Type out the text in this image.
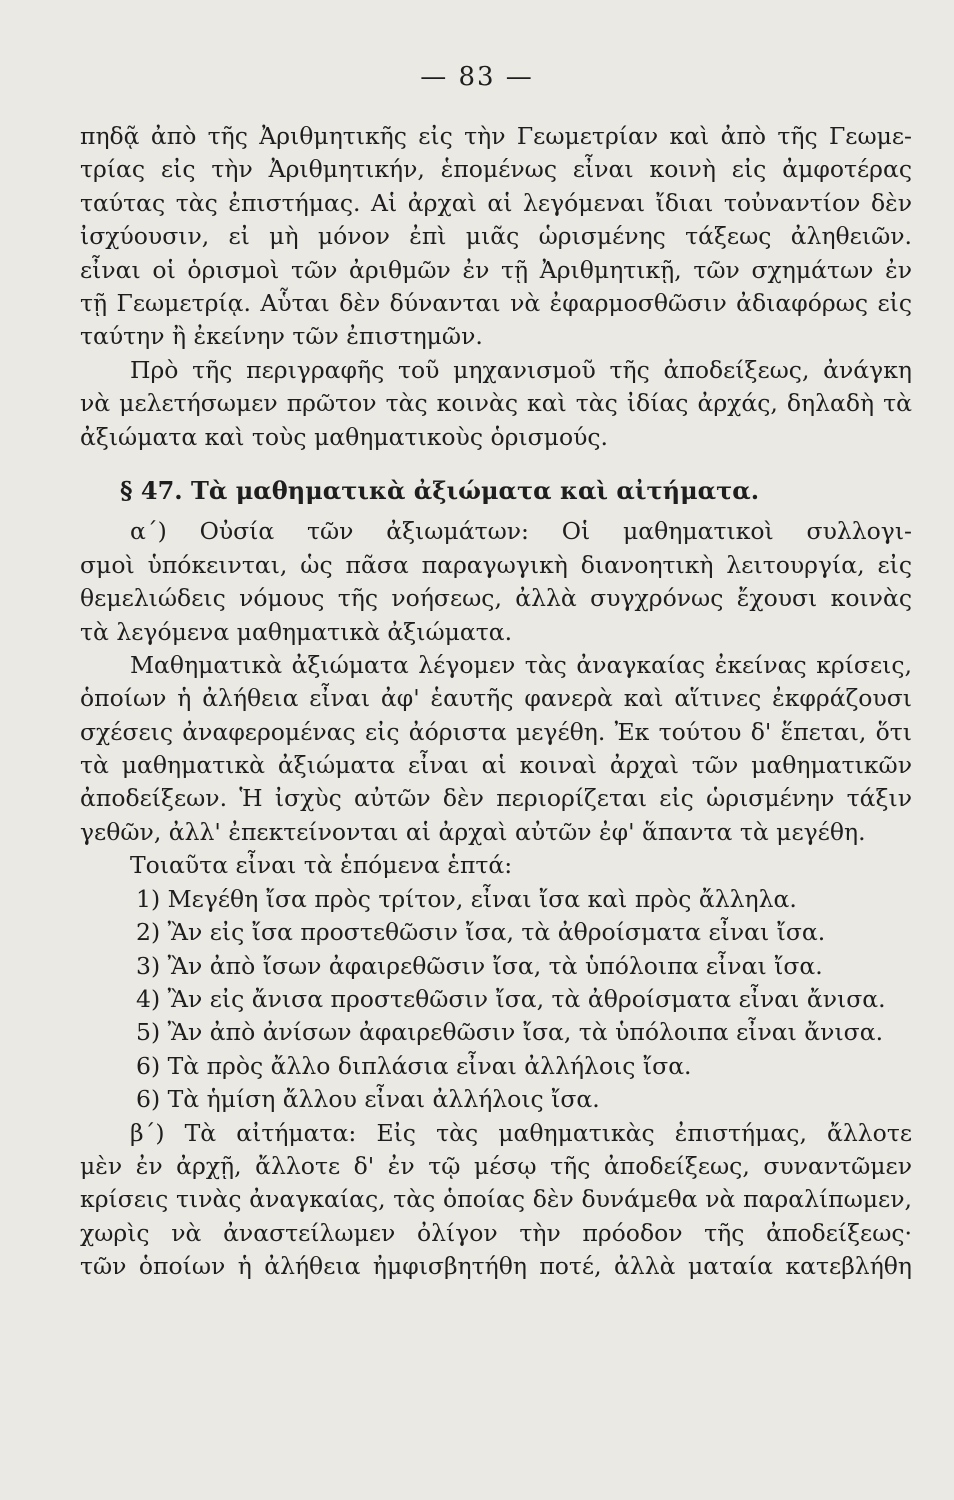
— 83 —
πηδᾷ ἀπὸ τῆς Ἀριθμητικῆς εἰς τὴν Γεωμετρίαν καὶ ἀπὸ τῆς Γεωμε-
τρίας εἰς τὴν Ἀριθμητικήν, ἑπομένως εἶναι κοινὴ εἰς ἀμφοτέρας
ταύτας τὰς ἐπιστήμας. Αἱ ἀρχαὶ αἱ λεγόμεναι ἴδιαι τοὐναντίον δὲν
ἰσχύουσιν, εἰ μὴ μόνον ἐπὶ μιᾶς ὡρισμένης τάξεως ἀληθειῶν.
εἶναι οἱ ὁρισμοὶ τῶν ἀριθμῶν ἐν τῇ Ἀριθμητικῇ, τῶν σχημάτων ἐν
τῇ Γεωμετρίᾳ. Αὗται δὲν δύνανται νὰ ἐφαρμοσθῶσιν ἀδιαφόρως εἰς
ταύτην ἢ ἐκείνην τῶν ἐπιστημῶν.
Πρὸ τῆς περιγραφῆς τοῦ μηχανισμοῦ τῆς ἀποδείξεως, ἀνάγκη
νὰ μελετήσωμεν πρῶτον τὰς κοινὰς καὶ τὰς ἰδίας ἀρχάς, δηλαδὴ τὰ
ἀξιώματα καὶ τοὺς μαθηματικοὺς ὁρισμούς.
§ 47. Τὰ μαθηματικὰ ἀξιώματα καὶ αἰτήματα.
α΄) Οὐσία τῶν ἀξιωμάτων: Οἱ μαθηματικοὶ συλλογι-
σμοὶ ὑπόκεινται, ὡς πᾶσα παραγωγικὴ διανοητικὴ λειτουργία, εἰς
θεμελιώδεις νόμους τῆς νοήσεως, ἀλλὰ συγχρόνως ἔχουσι κοινὰς
τὰ λεγόμενα μαθηματικὰ ἀξιώματα.
Μαθηματικὰ ἀξιώματα λέγομεν τὰς ἀναγκαίας ἐκείνας κρίσεις,
ὁποίων ἡ ἀλήθεια εἶναι ἀφ' ἑαυτῆς φανερὰ καὶ αἵτινες ἐκφράζουσι
σχέσεις ἀναφερομένας εἰς ἀόριστα μεγέθη. Ἐκ τούτου δ' ἕπεται, ὅτι
τὰ μαθηματικὰ ἀξιώματα εἶναι αἱ κοιναὶ ἀρχαὶ τῶν μαθηματικῶν
ἀποδείξεων. Ἡ ἰσχὺς αὐτῶν δὲν περιορίζεται εἰς ὡρισμένην τάξιν
γεθῶν, ἀλλ' ἐπεκτείνονται αἱ ἀρχαὶ αὐτῶν ἐφ' ἅπαντα τὰ μεγέθη.
Τοιαῦτα εἶναι τὰ ἑπόμενα ἑπτά:
1) Μεγέθη ἴσα πρὸς τρίτον, εἶναι ἴσα καὶ πρὸς ἄλληλα.
2) Ἂν εἰς ἴσα προστεθῶσιν ἴσα, τὰ ἀθροίσματα εἶναι ἴσα.
3) Ἂν ἀπὸ ἴσων ἀφαιρεθῶσιν ἴσα, τὰ ὑπόλοιπα εἶναι ἴσα.
4) Ἂν εἰς ἄνισα προστεθῶσιν ἴσα, τὰ ἀθροίσματα εἶναι ἄνισα.
5) Ἂν ἀπὸ ἀνίσων ἀφαιρεθῶσιν ἴσα, τὰ ὑπόλοιπα εἶναι ἄνισα.
6) Τὰ πρὸς ἄλλο διπλάσια εἶναι ἀλλήλοις ἴσα.
6) Τὰ ἡμίση ἄλλου εἶναι ἀλλήλοις ἴσα.
β΄) Τὰ αἰτήματα: Εἰς τὰς μαθηματικὰς ἐπιστήμας, ἄλλοτε
μὲν ἐν ἀρχῇ, ἄλλοτε δ' ἐν τῷ μέσῳ τῆς ἀποδείξεως, συναντῶμεν
κρίσεις τινὰς ἀναγκαίας, τὰς ὁποίας δὲν δυνάμεθα νὰ παραλίπωμεν,
χωρὶς νὰ ἀναστείλωμεν ὀλίγον τὴν πρόοδον τῆς ἀποδείξεως·
τῶν ὁποίων ἡ ἀλήθεια ἠμφισβητήθη ποτέ, ἀλλὰ ματαία κατεβλήθη
